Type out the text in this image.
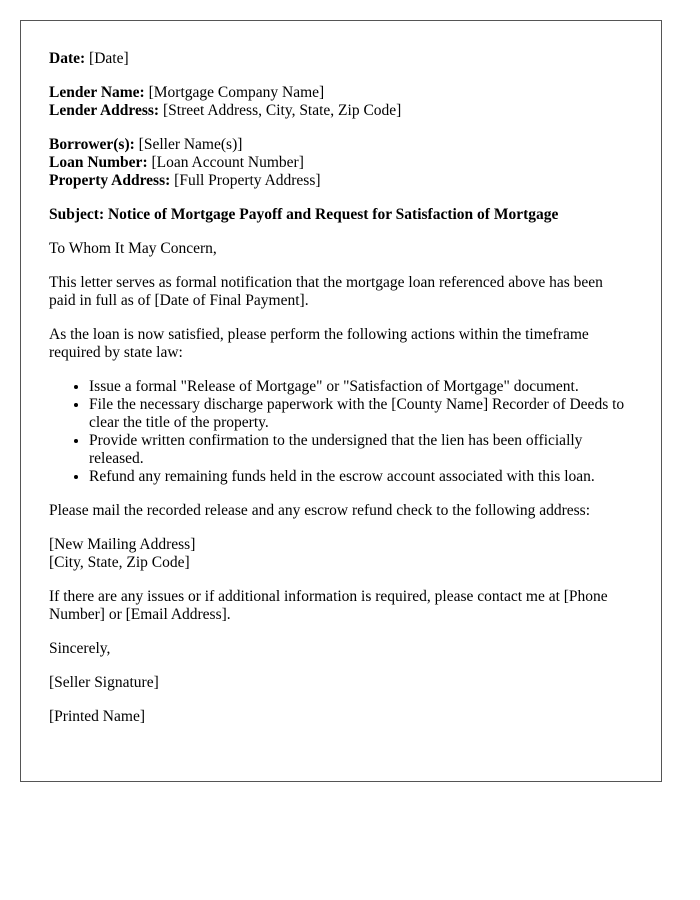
Date: [Date]
Lender Name: [Mortgage Company Name]
Lender Address: [Street Address, City, State, Zip Code]
Borrower(s): [Seller Name(s)]
Loan Number: [Loan Account Number]
Property Address: [Full Property Address]
Subject: Notice of Mortgage Payoff and Request for Satisfaction of Mortgage
To Whom It May Concern,
This letter serves as formal notification that the mortgage loan referenced above has been paid in full as of [Date of Final Payment].
As the loan is now satisfied, please perform the following actions within the timeframe required by state law:
• Issue a formal "Release of Mortgage" or "Satisfaction of Mortgage" document.
• File the necessary discharge paperwork with the [County Name] Recorder of Deeds to clear the title of the property.
• Provide written confirmation to the undersigned that the lien has been officially released.
• Refund any remaining funds held in the escrow account associated with this loan.
Please mail the recorded release and any escrow refund check to the following address:
[New Mailing Address]
[City, State, Zip Code]
If there are any issues or if additional information is required, please contact me at [Phone Number] or [Email Address].
Sincerely,
[Seller Signature]
[Printed Name]
